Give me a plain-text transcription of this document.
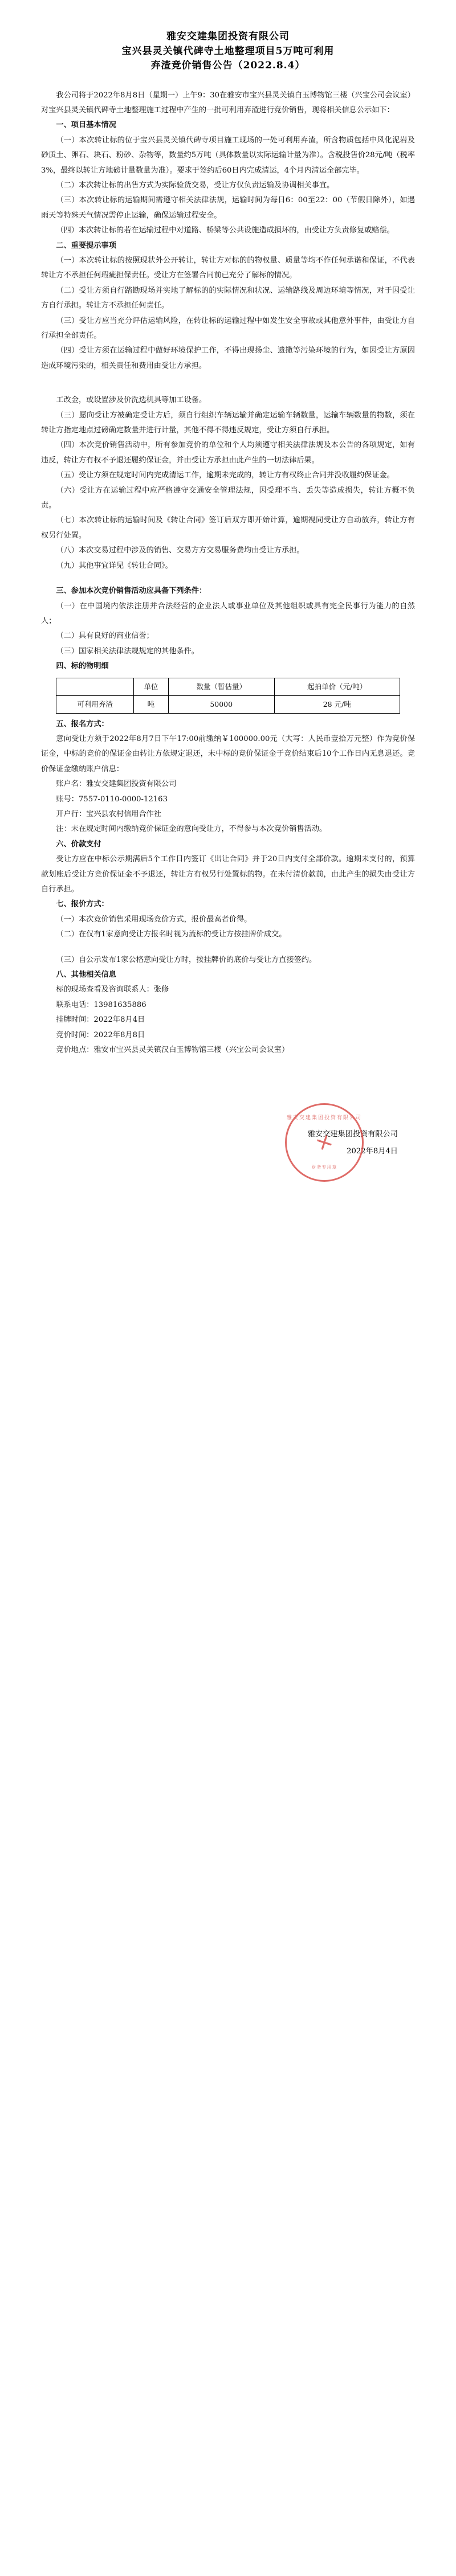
雅安交建集团投资有限公司
宝兴县灵关镇代碑寺土地整理项目5万吨可利用
弃渣竞价销售公告（2022.8.4）

我公司将于2022年8月8日（星期一）上午9：30在雅安市宝兴县灵关镇白玉博物馆三楼（兴宝公司会议室）对宝兴县灵关镇代碑寺土地整理施工过程中产生的一批可利用弃渣进行竞价销售，现将相关信息公示如下：

一、项目基本情况

（一）本次转让标的位于宝兴县灵关镇代碑寺项目施工现场的一处可利用弃渣，所含物质包括中风化泥岩及砂质土、卵石、块石、粉砂、杂物等，数量约5万吨（具体数量以实际运输计量为准）。含税投售价28元/吨（税率3%，最终以转让方地磅计量数量为准）。要求于签约后60日内完成清运，4个月内清运全部完毕。

（二）本次转让标的出售方式为实际验货交易，受让方仅负责运输及协调相关事宜。

（三）本次转让标的运输期间需遵守相关法律法规，运输时间为每日6：00至22：00（节假日除外），如遇雨天等特殊天气情况需停止运输，确保运输过程安全。

（四）本次转让标的若在运输过程中对道路、桥梁等公共设施造成损坏的，由受让方负责修复或赔偿。

二、重要提示事项

（一）本次转让标的按照现状外公开转让，转让方对标的的物权量、质量等均不作任何承诺和保证，不代表转让方不承担任何瑕疵担保责任。受让方在签署合同前已充分了解标的情况。

（二）受让方须自行踏勘现场并实地了解标的的实际情况和状况、运输路线及周边环境等情况，对于因受让方自行承担。转让方不承担任何责任。

（三）受让方应当充分评估运输风险，在转让标的运输过程中如发生安全事故或其他意外事件，由受让方自行承担全部责任。

（四）受让方须在运输过程中做好环境保护工作，不得出现扬尘、遗撒等污染环境的行为，如因受让方原因造成环境污染的，相关责任和费用由受让方承担。

工改金，或设置涉及价洗选机具等加工设备。

（三）愿向受让方被确定受让方后，须自行组织车辆运输并确定运输车辆数量，运输车辆数量的物数，须在转让方指定地点过磅确定数量并进行计量，其他不得不得违反规定，受让方须自行承担。

（四）本次竞价销售活动中，所有参加竞价的单位和个人均须遵守相关法律法规及本公告的各项规定，如有违反，转让方有权不予退还履约保证金，并由受让方承担由此产生的一切法律后果。

（五）受让方须在规定时间内完成清运工作，逾期未完成的，转让方有权终止合同并没收履约保证金。

（六）受让方在运输过程中应严格遵守交通安全管理法规，因受理不当、丢失等造成损失，转让方概不负责。

（七）本次转让标的运输时间及《转让合同》签订后双方即开始计算，逾期视同受让方自动放弃，转让方有权另行处置。

（八）本次交易过程中涉及的销售、交易方方交易服务费均由受让方承担。

（九）其他事宜详见《转让合同》。

三、参加本次竞价销售活动应具备下列条件：

（一）在中国境内依法注册并合法经营的企业法人或事业单位及其他组织或具有完全民事行为能力的自然人；

（二）具有良好的商业信誉；

（三）国家相关法律法规规定的其他条件。

四、标的物明细

	单位	数量（暂估量）	起拍单价（元/吨）
可利用弃渣	吨	50000	28 元/吨

五、报名方式：

意向受让方须于2022年8月7日下午17:00前缴纳￥100000.00元（大写：人民币壹拾万元整）作为竞价保证金，中标的竞价的保证金由转让方依规定退还，未中标的竞价保证金于竞价结束后10个工作日内无息退还。竞价保证金缴纳账户信息：

账户名：雅安交建集团投资有限公司

账号：7557-0110-0000-12163

开户行：宝兴县农村信用合作社

注：未在规定时间内缴纳竞价保证金的意向受让方，不得参与本次竞价销售活动。

六、价款支付

受让方应在中标公示期满后5个工作日内签订《出让合同》并于20日内支付全部价款。逾期未支付的，预算款划账后受让方竞价保证金不予退还，转让方有权另行处置标的物。在未付清价款前，由此产生的损失由受让方自行承担。

七、报价方式：

（一）本次竞价销售采用现场竞价方式，报价最高者价得。

（二）在仅有1家意向受让方报名时视为流标的受让方按挂牌价成交。

（三）自公示发布1家公格意向受让方时，按挂牌价的底价与受让方直接签约。

八、其他相关信息

标的现场查看及咨询联系人：张修

联系电话：13981635886

挂牌时间：2022年8月4日

竞价时间：2022年8月8日

竞价地点：雅安市宝兴县灵关镇汉白玉博物馆三楼（兴宝公司会议室）

雅安交建集团投资有限公司
财务专用章
雅安交建集团投资有限公司
2022年8月4日
